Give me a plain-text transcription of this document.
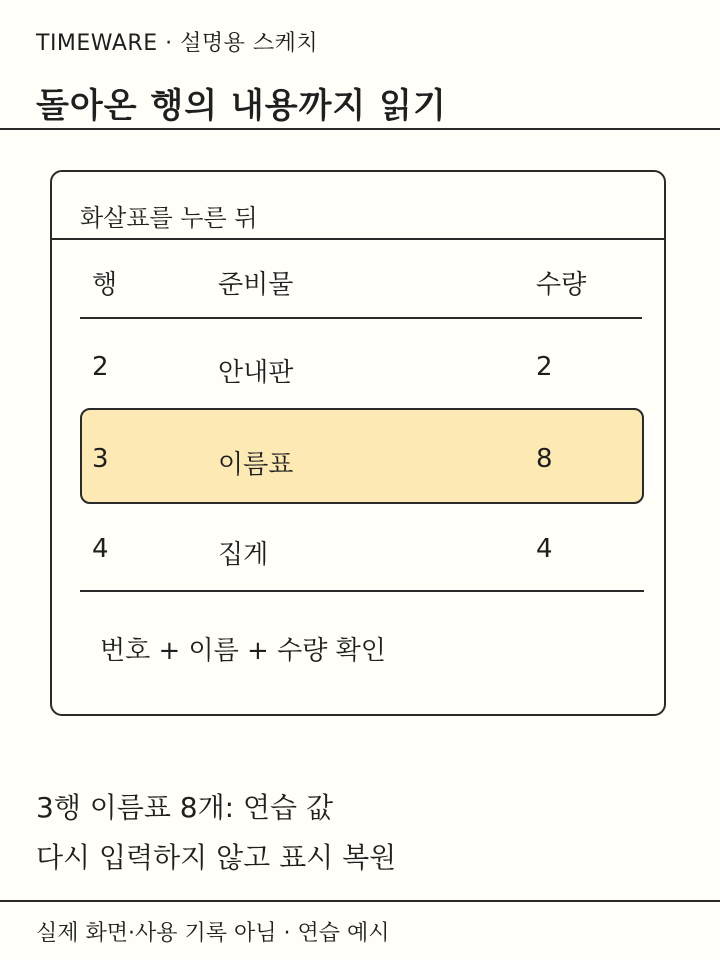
TIMEWARE · 설명용 스케치
돌아온 행의 내용까지 읽기
화살표를 누른 뒤
행	준비물	수량
2	안내판	2
3	이름표	8
4	집게	4
번호 + 이름 + 수량 확인
3행 이름표 8개: 연습 값
다시 입력하지 않고 표시 복원
실제 화면·사용 기록 아님 · 연습 예시
